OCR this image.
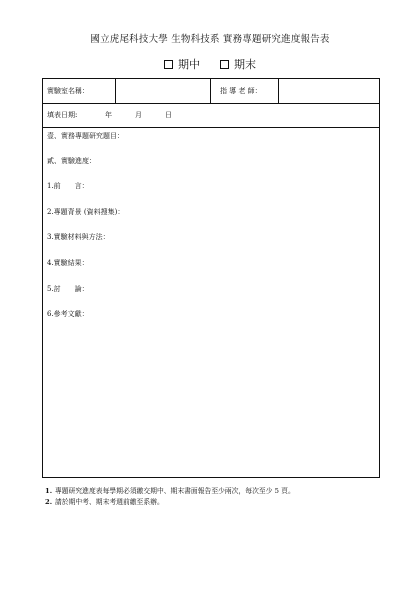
國立虎尾科技大學 生物科技系 實務專題研究進度報告表
期中	期末
實驗室名稱：	指 導 老 師：
填表日期:	年	月	日
壹、實務專題研究題目：
貳、實驗進度：
1.前　　言：
2.專題背景 (資料搜集)：
3.實驗材料與方法：
4.實驗結果：
5.討　　論：
6.參考文獻：
1. 專題研究進度表每學期必須繳交期中、期末書面報告至少兩次，每次至少 5 頁。
2. 請於期中考、期末考週前繳至系辦。
